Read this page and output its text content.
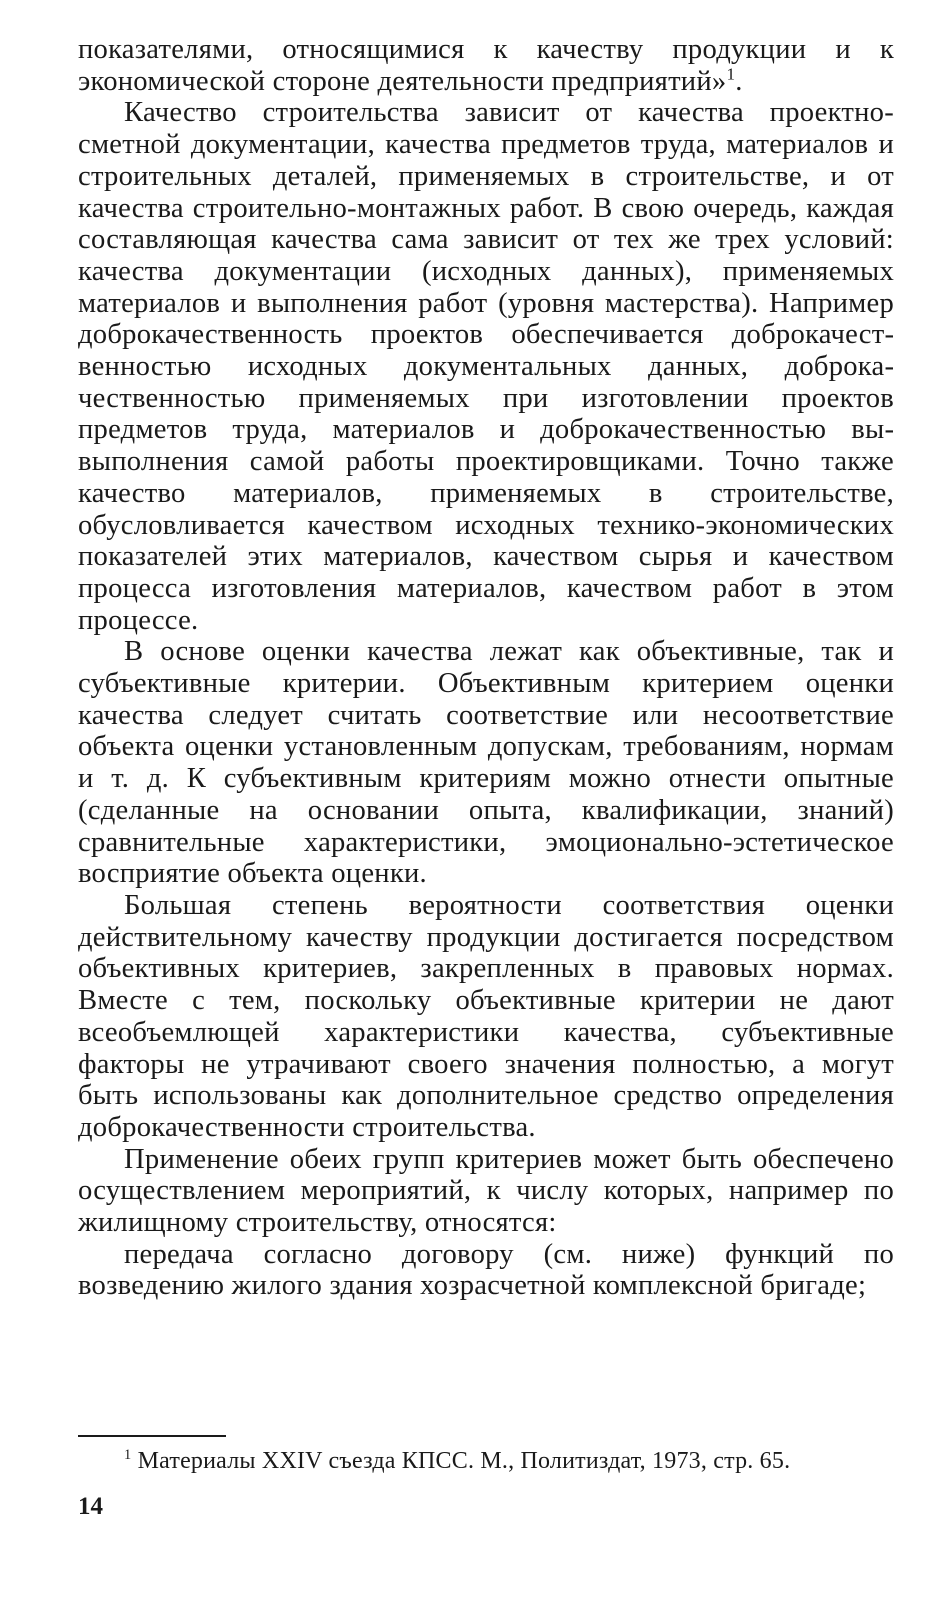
показателями, относящимися к качеству продукции и к экономической стороне деятельности предприятий»$^1$.

Качество строительства зависит от качества проектно-сметной документации, качества предметов труда, материалов и строительных деталей, применяемых в строительстве, и от качества строительно-монтажных работ. В свою очередь, каждая составляющая качества сама зависит от тех же трех условий: качества документации (исходных данных), применяемых материалов и выполнения работ (уровня мастерства). Например доброкачественность проектов обеспечивается доброкачественностью исходных документальных данных, доброкачественностью применяемых при изготовлении проектов предметов труда, материалов и доброкачественностью вывыполнения самой работы проектировщиками. Точно также качество материалов, применяемых в строительстве, обусловливается качеством исходных технико-экономических показателей этих материалов, качеством сырья и качеством процесса изготовления материалов, качеством работ в этом процессе.

В основе оценки качества лежат как объективные, так и субъективные критерии. Объективным критерием оценки качества следует считать соответствие или несоответствие объекта оценки установленным допускам, требованиям, нормам и т. д. К субъективным критериям можно отнести опытные (сделанные на основании опыта, квалификации, знаний) сравнительные характеристики, эмоционально-эстетическое восприятие объекта оценки.

Большая степень вероятности соответствия оценки действительному качеству продукции достигается посредством объективных критериев, закрепленных в правовых нормах. Вместе с тем, поскольку объективные критерии не дают всеобъемлющей характеристики качества, субъективные факторы не утрачивают своего значения полностью, а могут быть использованы как дополнительное средство определения доброкачественности строительства.

Применение обеих групп критериев может быть обеспечено осуществлением мероприятий, к числу которых, например по жилищному строительству, относятся:

передача согласно договору (см. ниже) функций по возведению жилого здания хозрасчетной комплексной бригаде;

$^1$ Материалы XXIV съезда КПСС. М., Политиздат, 1973, стр. 65.
14
